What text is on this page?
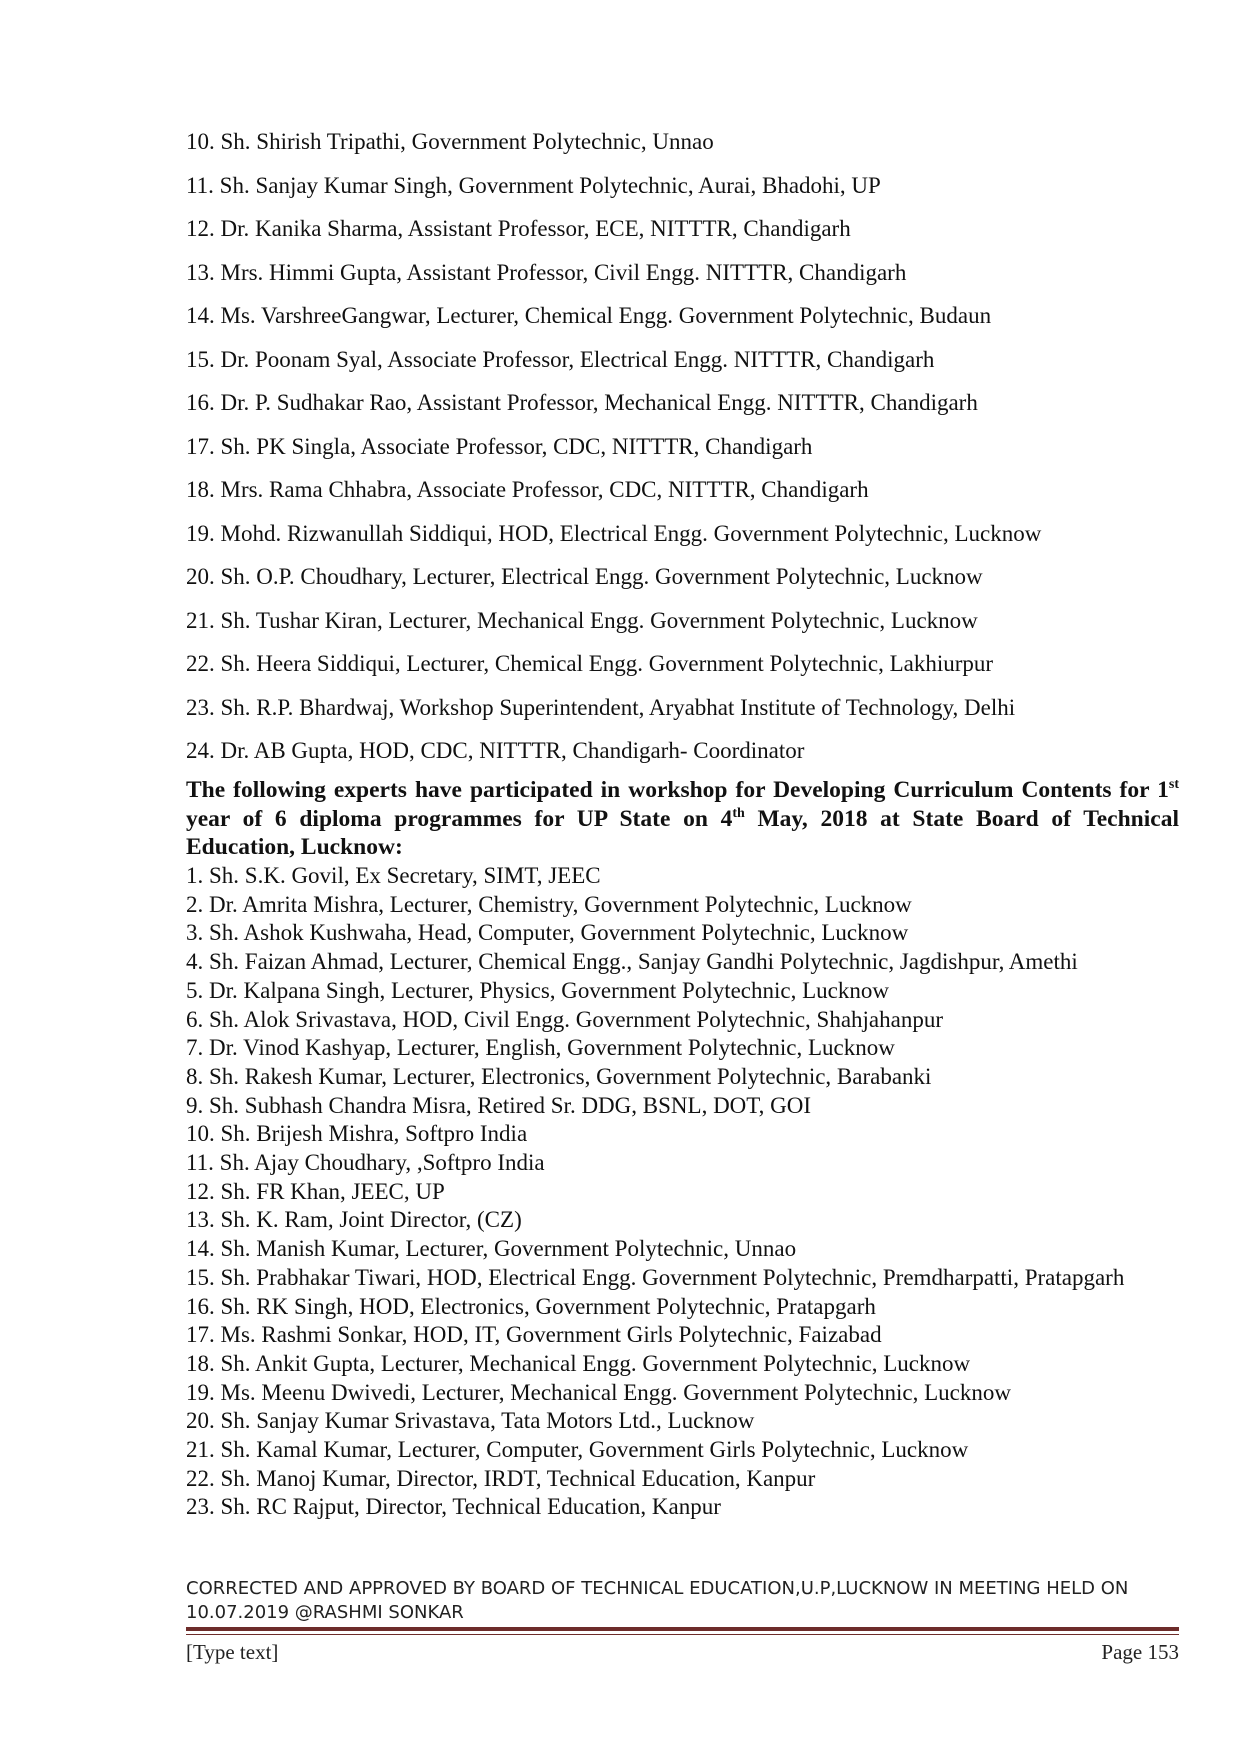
10. Sh. Shirish Tripathi, Government Polytechnic, Unnao
11. Sh. Sanjay Kumar Singh, Government Polytechnic, Aurai, Bhadohi, UP
12. Dr. Kanika Sharma, Assistant Professor, ECE, NITTTR, Chandigarh
13. Mrs. Himmi Gupta, Assistant Professor, Civil Engg. NITTTR, Chandigarh
14. Ms. VarshreeGangwar, Lecturer, Chemical Engg. Government Polytechnic, Budaun
15. Dr. Poonam Syal, Associate Professor, Electrical Engg. NITTTR, Chandigarh
16. Dr. P. Sudhakar Rao, Assistant Professor, Mechanical Engg. NITTTR, Chandigarh
17. Sh. PK Singla, Associate Professor, CDC, NITTTR, Chandigarh
18. Mrs. Rama Chhabra, Associate Professor, CDC, NITTTR, Chandigarh
19. Mohd. Rizwanullah Siddiqui, HOD, Electrical Engg. Government Polytechnic, Lucknow
20. Sh. O.P. Choudhary, Lecturer, Electrical Engg. Government Polytechnic, Lucknow
21. Sh. Tushar Kiran, Lecturer, Mechanical Engg. Government Polytechnic, Lucknow
22. Sh. Heera Siddiqui, Lecturer, Chemical Engg. Government Polytechnic, Lakhiurpur
23. Sh. R.P. Bhardwaj, Workshop Superintendent, Aryabhat Institute of Technology, Delhi
24. Dr. AB Gupta, HOD, CDC, NITTTR, Chandigarh- Coordinator

The following experts have participated in workshop for Developing Curriculum Contents for 1st year of 6 diploma programmes for UP State on 4th May, 2018 at State Board of Technical Education, Lucknow:

1. Sh. S.K. Govil, Ex Secretary, SIMT, JEEC
2. Dr. Amrita Mishra, Lecturer, Chemistry, Government Polytechnic, Lucknow
3. Sh. Ashok Kushwaha, Head, Computer, Government Polytechnic, Lucknow
4. Sh. Faizan Ahmad, Lecturer, Chemical Engg., Sanjay Gandhi Polytechnic, Jagdishpur, Amethi
5. Dr. Kalpana Singh, Lecturer, Physics, Government Polytechnic, Lucknow
6. Sh. Alok Srivastava, HOD, Civil Engg. Government Polytechnic, Shahjahanpur
7. Dr. Vinod Kashyap, Lecturer, English, Government Polytechnic, Lucknow
8. Sh. Rakesh Kumar, Lecturer, Electronics, Government Polytechnic, Barabanki
9. Sh. Subhash Chandra Misra, Retired Sr. DDG, BSNL, DOT, GOI
10. Sh. Brijesh Mishra, Softpro India
11. Sh. Ajay Choudhary, ,Softpro India
12. Sh. FR Khan, JEEC, UP
13. Sh. K. Ram, Joint Director, (CZ)
14. Sh. Manish Kumar, Lecturer, Government Polytechnic, Unnao
15. Sh. Prabhakar Tiwari, HOD, Electrical Engg. Government Polytechnic, Premdharpatti, Pratapgarh
16. Sh. RK Singh, HOD, Electronics, Government Polytechnic, Pratapgarh
17. Ms. Rashmi Sonkar, HOD, IT, Government Girls Polytechnic, Faizabad
18. Sh. Ankit Gupta, Lecturer, Mechanical Engg. Government Polytechnic, Lucknow
19. Ms. Meenu Dwivedi, Lecturer, Mechanical Engg. Government Polytechnic, Lucknow
20. Sh. Sanjay Kumar Srivastava, Tata Motors Ltd., Lucknow
21. Sh. Kamal Kumar, Lecturer, Computer, Government Girls Polytechnic, Lucknow
22. Sh. Manoj Kumar, Director, IRDT, Technical Education, Kanpur
23. Sh. RC Rajput, Director, Technical Education, Kanpur
CORRECTED AND APPROVED BY BOARD OF TECHNICAL EDUCATION,U.P,LUCKNOW IN MEETING HELD ON 10.07.2019 @RASHMI SONKAR
[Type text]	Page 153
